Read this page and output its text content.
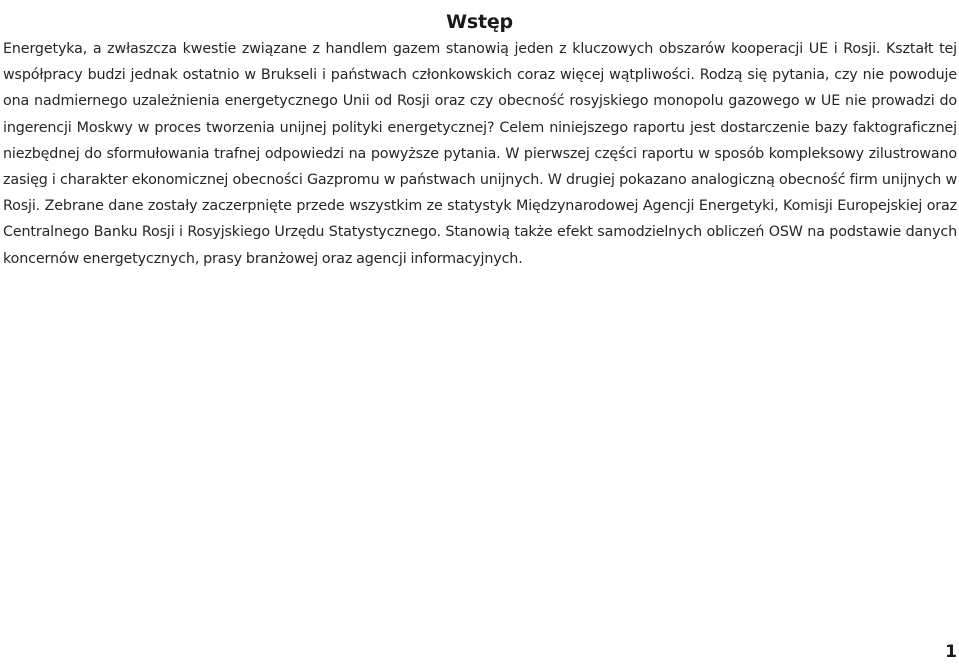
Wstęp

Energetyka, a zwłaszcza kwestie związane z handlem gazem stanowią jeden z kluczowych obszarów kooperacji UE i Rosji. Kształt tej współpracy budzi jednak ostatnio w Brukseli i państwach członkowskich coraz więcej wątpliwości. Rodzą się pytania, czy nie powoduje ona nadmiernego uzależnienia energetycznego Unii od Rosji oraz czy obecność rosyjskiego monopolu gazowego w UE nie prowadzi do ingerencji Moskwy w proces tworzenia unijnej polityki energetycznej? Celem niniejszego raportu jest dostarczenie bazy faktograficznej niezbędnej do sformułowania trafnej odpowiedzi na powyższe pytania. W pierwszej części raportu w sposób kompleksowy zilustrowano zasięg i charakter ekonomicznej obecności Gazpromu w państwach unijnych. W drugiej pokazano analogiczną obecność firm unijnych w Rosji. Zebrane dane zostały zaczerpnięte przede wszystkim ze statystyk Międzynarodowej Agencji Energetyki, Komisji Europejskiej oraz Centralnego Banku Rosji i Rosyjskiego Urzędu Statystycznego. Stanowią także efekt samodzielnych obliczeń OSW na podstawie danych koncernów energetycznych, prasy branżowej oraz agencji informacyjnych.

1
